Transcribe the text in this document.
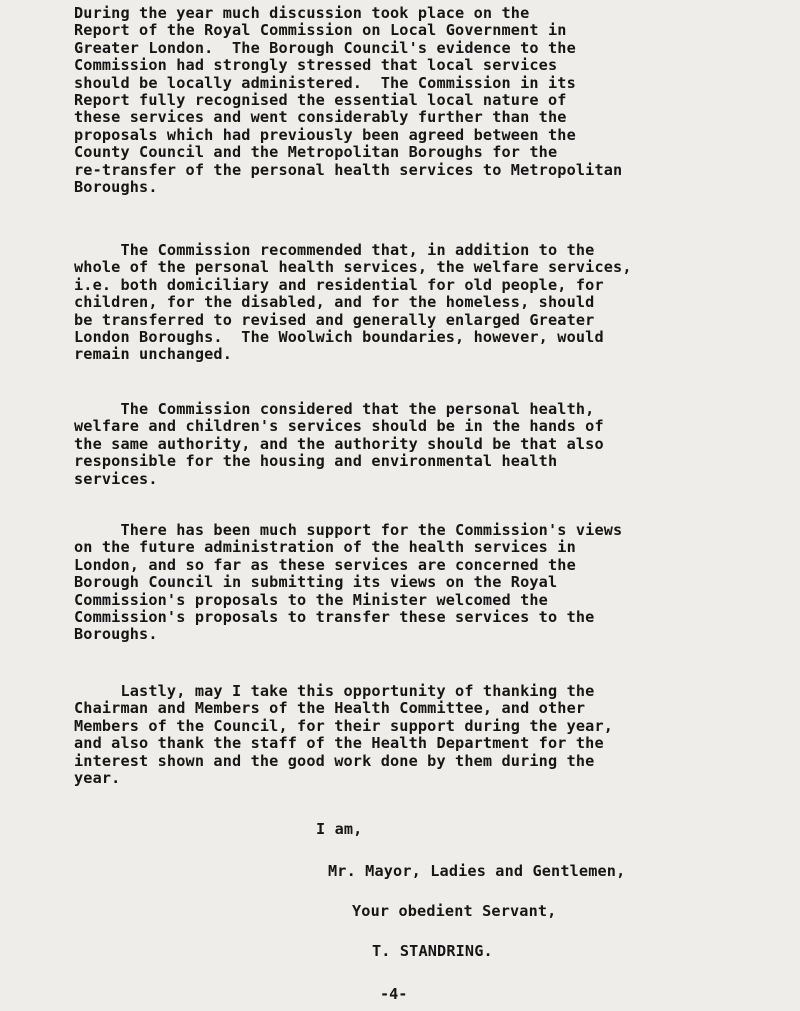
During the year much discussion took place on the
Report of the Royal Commission on Local Government in
Greater London.  The Borough Council's evidence to the
Commission had strongly stressed that local services
should be locally administered.  The Commission in its
Report fully recognised the essential local nature of
these services and went considerably further than the
proposals which had previously been agreed between the
County Council and the Metropolitan Boroughs for the
re-transfer of the personal health services to Metropolitan
Boroughs.
The Commission recommended that, in addition to the
whole of the personal health services, the welfare services,
i.e. both domiciliary and residential for old people, for
children, for the disabled, and for the homeless, should
be transferred to revised and generally enlarged Greater
London Boroughs.  The Woolwich boundaries, however, would
remain unchanged.
The Commission considered that the personal health,
welfare and children's services should be in the hands of
the same authority, and the authority should be that also
responsible for the housing and environmental health
services.
There has been much support for the Commission's views
on the future administration of the health services in
London, and so far as these services are concerned the
Borough Council in submitting its views on the Royal
Commission's proposals to the Minister welcomed the
Commission's proposals to transfer these services to the
Boroughs.
Lastly, may I take this opportunity of thanking the
Chairman and Members of the Health Committee, and other
Members of the Council, for their support during the year,
and also thank the staff of the Health Department for the
interest shown and the good work done by them during the
year.
I am,
Mr. Mayor, Ladies and Gentlemen,
Your obedient Servant,
T. STANDRING.
-4-
